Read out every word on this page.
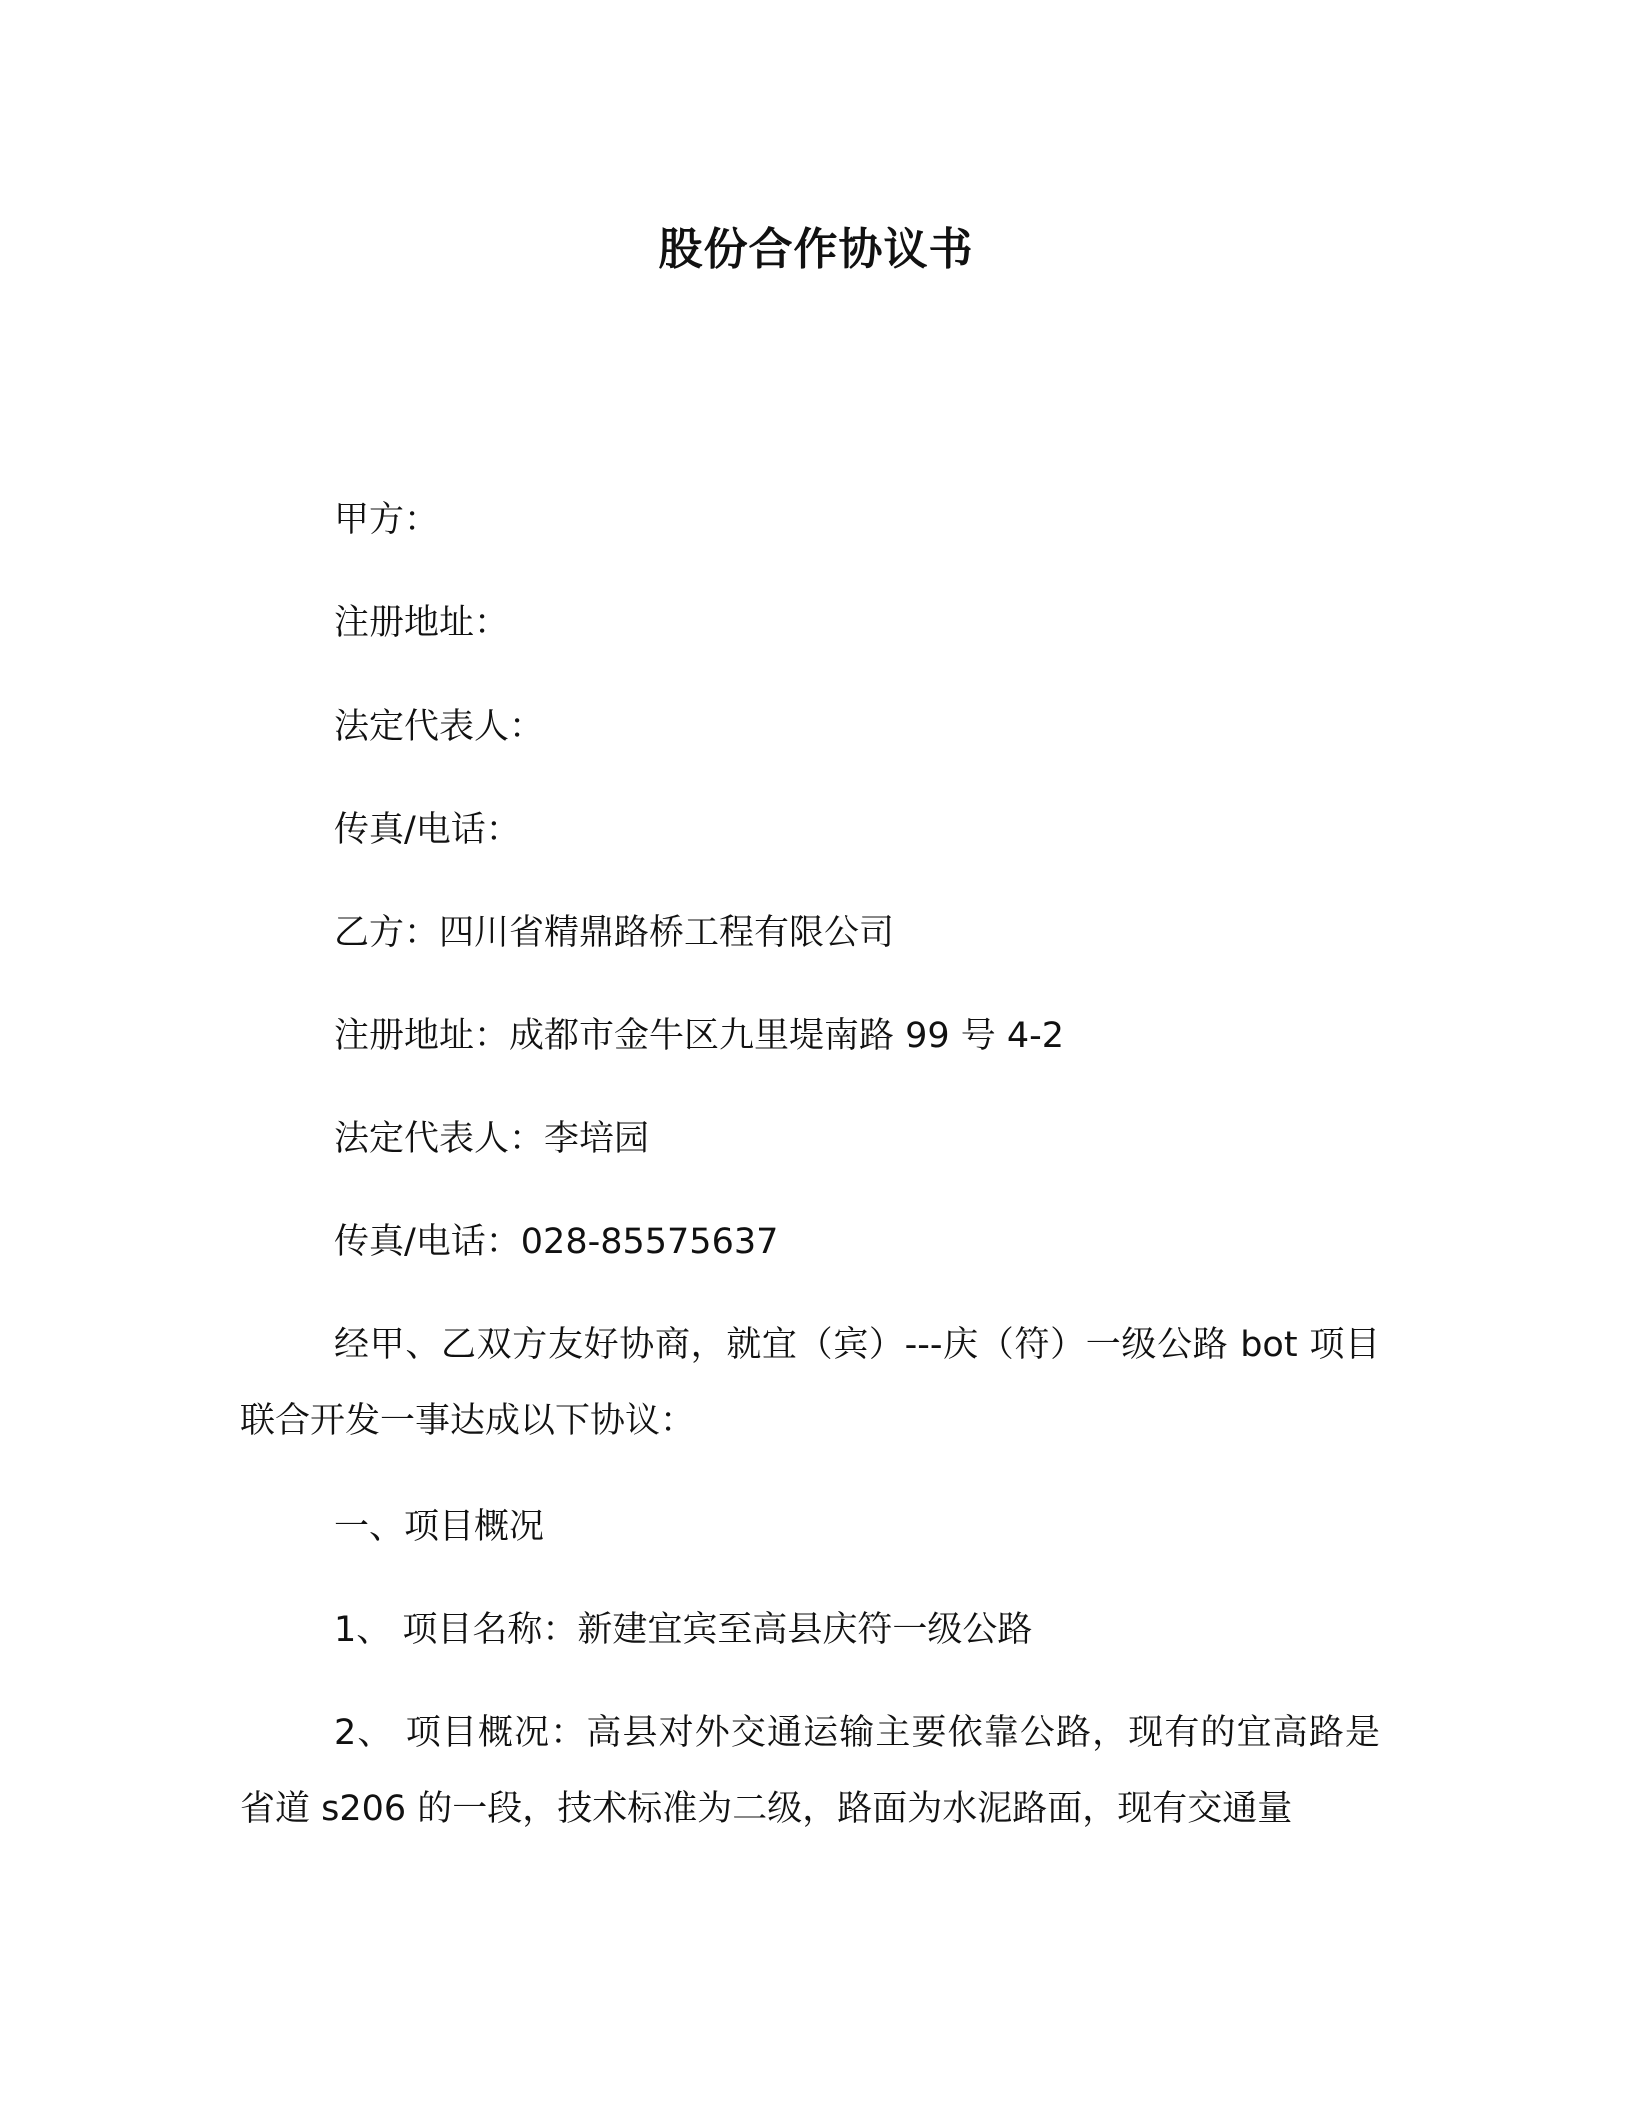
股份合作协议书
甲方：
注册地址：
法定代表人：
传真/电话：
乙方：四川省精鼎路桥工程有限公司
注册地址：成都市金牛区九里堤南路 99 号 4-2
法定代表人：李培园
传真/电话：028-85575637
经甲、乙双方友好协商，就宜（宾）---庆（符）一级公路 bot 项目联合开发一事达成以下协议：
一、项目概况
1、 项目名称：新建宜宾至高县庆符一级公路
2、 项目概况：高县对外交通运输主要依靠公路，现有的宜高路是省道 s206 的一段，技术标准为二级，路面为水泥路面，现有交通量
